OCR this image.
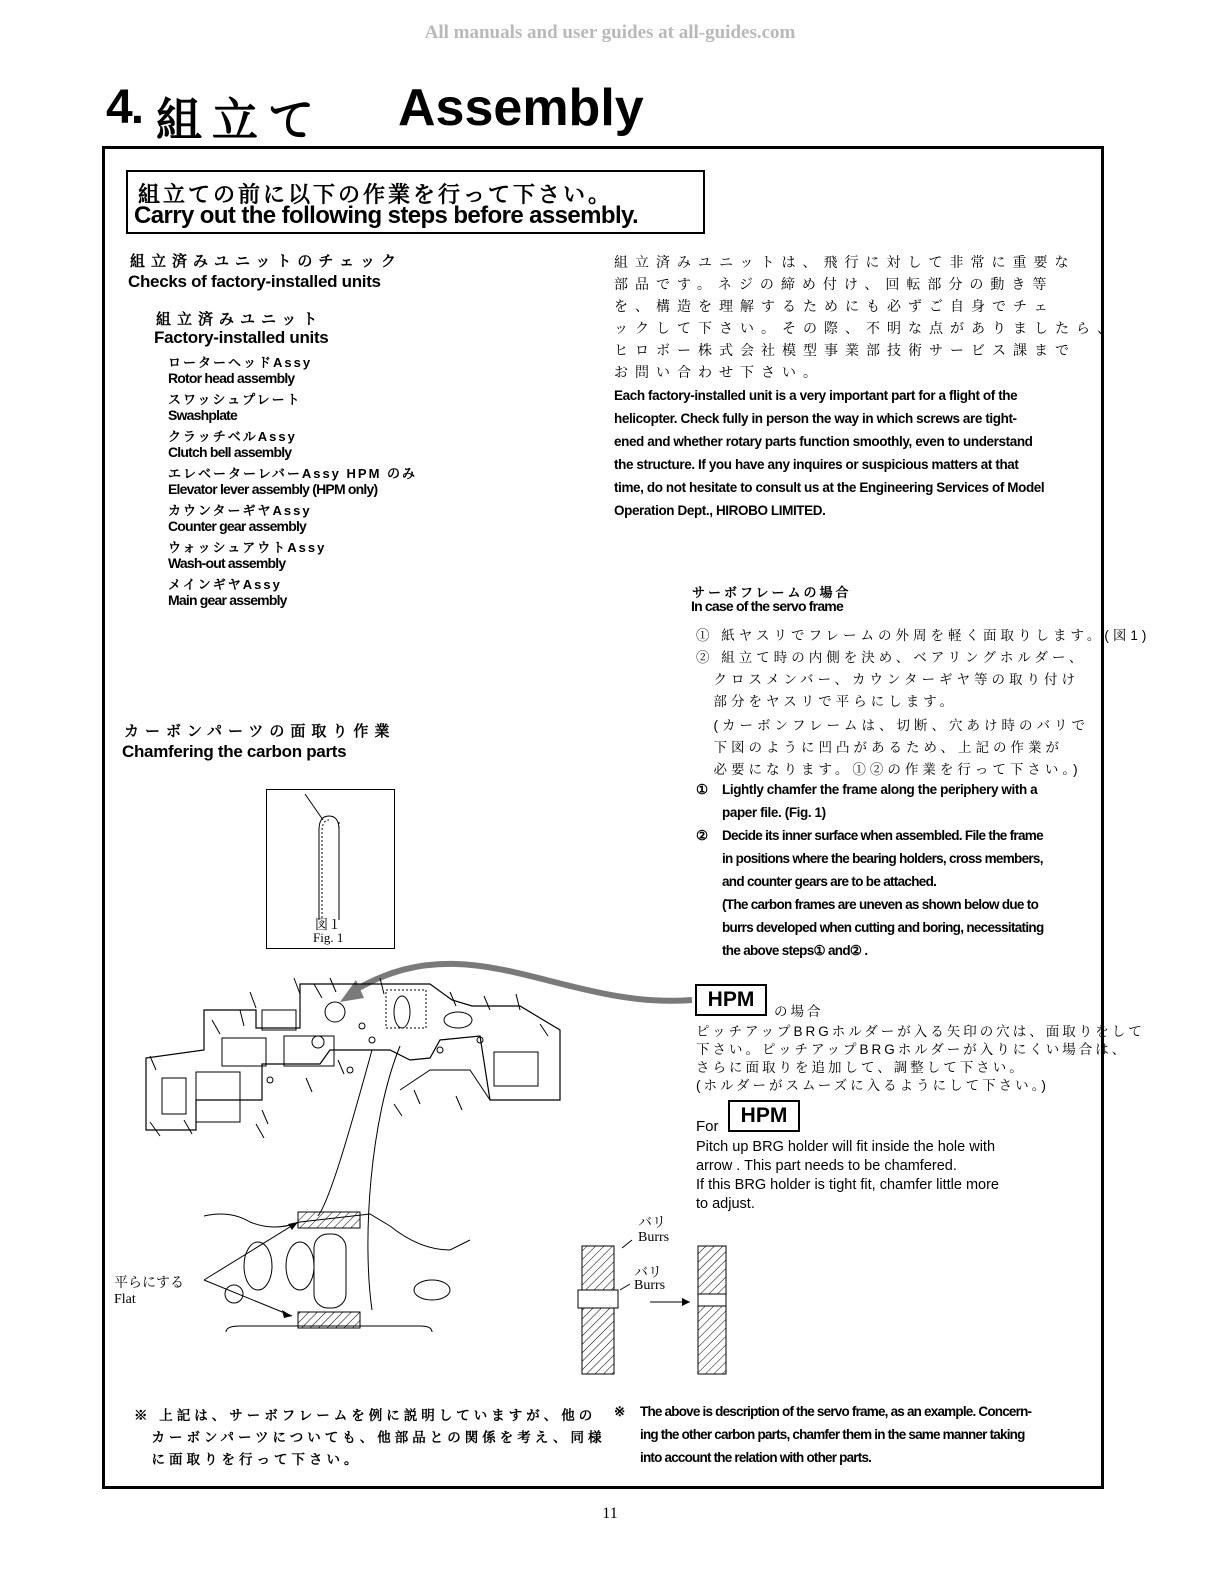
All manuals and user guides at all-guides.com
4. 組立て Assembly
組立ての前に以下の作業を行って下さい。
Carry out the following steps before assembly.
組立済みユニットのチェック
Checks of factory-installed units
組立済みユニット
Factory-installed units
ローターヘッドAssy
Rotor head assembly
スワッシュプレート
Swashplate
クラッチベルAssy
Clutch bell assembly
エレベーターレバーAssy HPM のみ
Elevator lever assembly (HPM only)
カウンターギヤAssy
Counter gear assembly
ウォッシュアウトAssy
Wash-out assembly
メインギヤAssy
Main gear assembly
組立済みユニットは、飛行に対して非常に重要な
部品です。ネジの締め付け、回転部分の動き等
を、構造を理解するためにも必ずご自身でチェ
ックして下さい。その際、不明な点がありましたら、
ヒロボー株式会社模型事業部技術サービス課まで
お問い合わせ下さい。
Each factory-installed unit is a very important part for a flight of the
helicopter. Check fully in person the way in which screws are tight-
ened and whether rotary parts function smoothly, even to understand
the structure. If you have any inquires or suspicious matters at that
time, do not hesitate to consult us at the Engineering Services of Model
Operation Dept., HIROBO LIMITED.
サーボフレームの場合
In case of the servo frame
① 紙ヤスリでフレームの外周を軽く面取りします。(図1)
② 組立て時の内側を決め、ベアリングホルダー、
　クロスメンバー、カウンターギヤ等の取り付け
　部分をヤスリで平らにします。
　(カーボンフレームは、切断、穴あけ時のバリで
　下図のように凹凸があるため、上記の作業が
　必要になります。①②の作業を行って下さい。)
① Lightly chamfer the frame along the periphery with a
paper file. (Fig. 1)
② Decide its inner surface when assembled. File the frame
in positions where the bearing holders, cross members,
and counter gears are to be attached.
(The carbon frames are uneven as shown below due to
burrs developed when cutting and boring, necessitating
the above steps① and② .
カーボンパーツの面取り作業
Chamfering the carbon parts
図１
Fig. 1
バリ
Burrs
バリ
Burrs
平らにする
Flat
HPM
の場合
ピッチアップBRGホルダーが入る矢印の穴は、面取りをして
下さい。ピッチアップBRGホルダーが入りにくい場合は、
さらに面取りを追加して、調整して下さい。
(ホルダーがスムーズに入るようにして下さい。)
For	HPM
Pitch up BRG holder will fit inside the hole with
arrow . This part needs to be chamfered.
If this BRG holder is tight fit, chamfer little more
to adjust.
※ 上記は、サーボフレームを例に説明していますが、他の
　カーボンパーツについても、他部品との関係を考え、同様
　に面取りを行って下さい。
※ The above is description of the servo frame, as an example. Concern-
ing the other carbon parts, chamfer them in the same manner taking
into account the relation with other parts.
11
